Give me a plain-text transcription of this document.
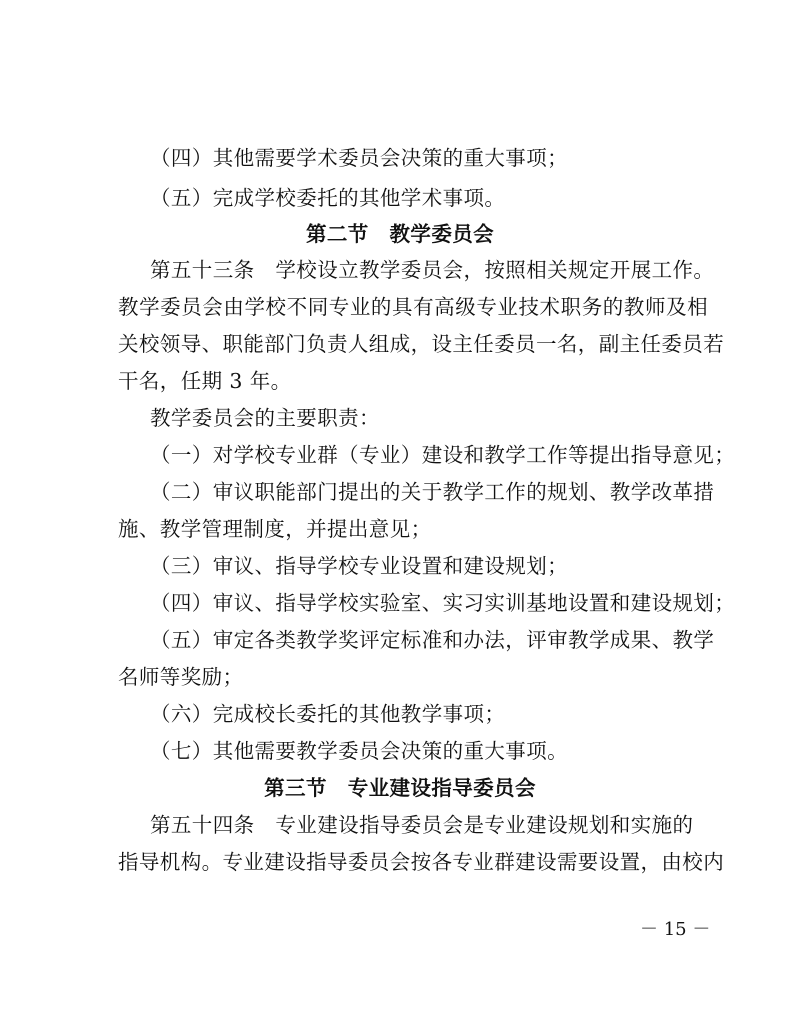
（四）其他需要学术委员会决策的重大事项；
（五）完成学校委托的其他学术事项。
第二节　教学委员会
第五十三条　学校设立教学委员会，按照相关规定开展工作。
教学委员会由学校不同专业的具有高级专业技术职务的教师及相
关校领导、职能部门负责人组成，设主任委员一名，副主任委员若
干名，任期 3 年。
教学委员会的主要职责：
（一）对学校专业群（专业）建设和教学工作等提出指导意见；
（二）审议职能部门提出的关于教学工作的规划、教学改革措
施、教学管理制度，并提出意见；
（三）审议、指导学校专业设置和建设规划；
（四）审议、指导学校实验室、实习实训基地设置和建设规划；
（五）审定各类教学奖评定标准和办法，评审教学成果、教学
名师等奖励；
（六）完成校长委托的其他教学事项；
（七）其他需要教学委员会决策的重大事项。
第三节　专业建设指导委员会
第五十四条　专业建设指导委员会是专业建设规划和实施的
指导机构。专业建设指导委员会按各专业群建设需要设置，由校内
－ 15 －
